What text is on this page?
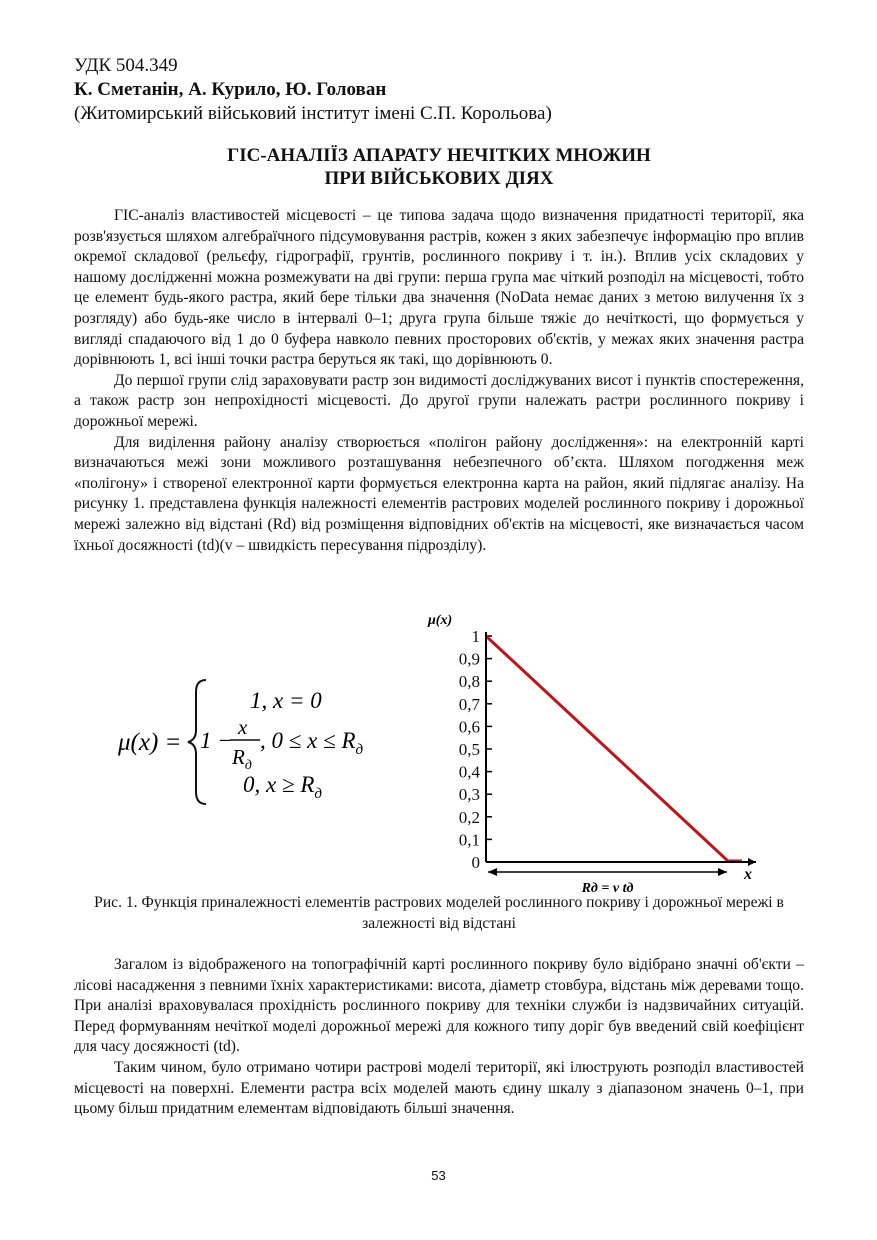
УДК 504.349
К. Сметанін, А. Курило, Ю. Голован
(Житомирський військовий інститут імені С.П. Корольова)
ГІС-АНАЛІЇЗ АПАРАТУ НЕЧІТКИХ МНОЖИН
ПРИ ВІЙСЬКОВИХ ДІЯХ

ГІС-аналіз властивостей місцевості – це типова задача щодо визначення придатності території, яка розв'язується шляхом алгебраїчного підсумовування растрів, кожен з яких забезпечує інформацію про вплив окремої складової (рельєфу, гідрографії, грунтів, рослинного покриву і т. ін.). Вплив усіх складових у нашому дослідженні можна розмежувати на дві групи: перша група має чіткий розподіл на місцевості, тобто це елемент будь-якого растра, який бере тільки два значення (NoData немає даних з метою вилучення їх з розгляду) або будь-яке число в інтервалі 0–1; друга група більше тяжіє до нечіткості, що формується у вигляді спадаючого від 1 до 0 буфера навколо певних просторових об'єктів, у межах яких значення растра дорівнюють 1, всі інші точки растра беруться як такі, що дорівнюють 0.

До першої групи слід зараховувати растр зон видимості досліджуваних висот і пунктів спостереження, а також растр зон непрохідності місцевості. До другої групи належать растри рослинного покриву і дорожньої мережі.

Для виділення району аналізу створюється «полігон району дослідження»: на електронній карті визначаються межі зони можливого розташування небезпечного об’єкта. Шляхом погодження меж «полігону» і створеної електронної карти формується електронна карта на район, який підлягає аналізу. На рисунку 1. представлена функція належності елементів растрових моделей рослинного покриву і дорожньої мережі залежно від відстані (Rd) від розміщення відповідних об'єктів на місцевості, яке визначається часом їхньої досяжності (td)(v – швидкість пересування підрозділу).

μ(x) =
1, x = 0
1 −
x
$R_д$
, $0 \le x \le R_д$
0, $x \ge R_д$
1
0,9
0,8
0,7
0,6
0,5
0,4
0,3
0,2
0,1
0
μ(x)
x
Rд = v tд
Рис. 1. Функція приналежності елементів растрових моделей рослинного покриву і дорожньої мережі в залежності від відстані

Загалом із відображеного на топографічній карті рослинного покриву було відібрано значні об'єкти – лісові насадження з певними їхніх характеристиками: висота, діаметр стовбура, відстань між деревами тощо. При аналізі враховувалася прохідність рослинного покриву для техніки служби із надзвичайних ситуацій. Перед формуванням нечіткої моделі дорожньої мережі для кожного типу доріг був введений свій коефіцієнт для часу досяжності (td).

Таким чином, було отримано чотири растрові моделі території, які ілюструють розподіл властивостей місцевості на поверхні. Елементи растра всіх моделей мають єдину шкалу з діапазоном значень 0–1, при цьому більш придатним елементам відповідають більші значення.

53
